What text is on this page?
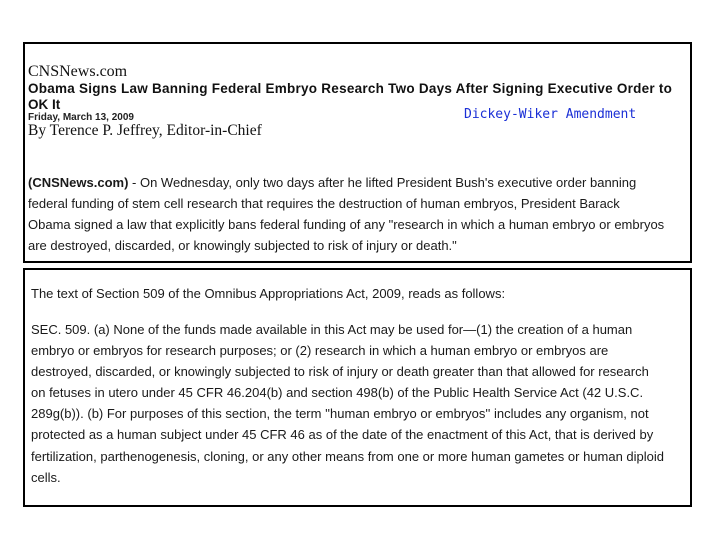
CNSNews.com
Obama Signs Law Banning Federal Embryo Research Two Days After Signing Executive Order to
OK It
Friday, March 13, 2009
By Terence P. Jeffrey, Editor-in-Chief
Dickey-Wiker Amendment
(CNSNews.com) - On Wednesday, only two days after he lifted President Bush's executive order banning
federal funding of stem cell research that requires the destruction of human embryos, President Barack
Obama signed a law that explicitly bans federal funding of any "research in which a human embryo or embryos
are destroyed, discarded, or knowingly subjected to risk of injury or death."
The text of Section 509 of the Omnibus Appropriations Act, 2009, reads as follows:
SEC. 509. (a) None of the funds made available in this Act may be used for—(1) the creation of a human
embryo or embryos for research purposes; or (2) research in which a human embryo or embryos are
destroyed, discarded, or knowingly subjected to risk of injury or death greater than that allowed for research
on fetuses in utero under 45 CFR 46.204(b) and section 498(b) of the Public Health Service Act (42 U.S.C.
289g(b)). (b) For purposes of this section, the term ''human embryo or embryos'' includes any organism, not
protected as a human subject under 45 CFR 46 as of the date of the enactment of this Act, that is derived by
fertilization, parthenogenesis, cloning, or any other means from one or more human gametes or human diploid
cells.
